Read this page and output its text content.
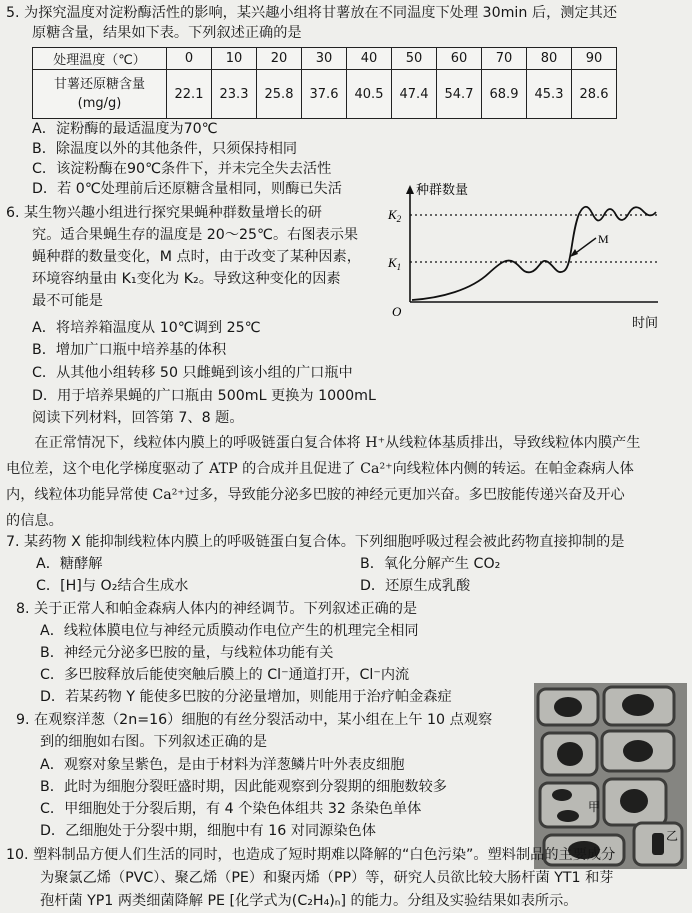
5. 为探究温度对淀粉酶活性的影响，某兴趣小组将甘薯放在不同温度下处理 30min 后，测定其还
原糖含量，结果如下表。下列叙述正确的是
处理温度（℃）	0	10	20	30	40	50	60	70	80	90
甘薯还原糖含量
(mg/g)	22.1	23.3	25.8	37.6	40.5	47.4	54.7	68.9	45.3	28.6
A．淀粉酶的最适温度为70℃
B．除温度以外的其他条件，只须保持相同
C．该淀粉酶在90℃条件下，并未完全失去活性
D．若 0℃处理前后还原糖含量相同，则酶已失活
6. 某生物兴趣小组进行探究果蝇种群数量增长的研
究。适合果蝇生存的温度是 20～25℃。右图表示果
蝇种群的数量变化，M 点时，由于改变了某种因素，
环境容纳量由 K₁变化为 K₂。导致这种变化的因素
最不可能是
A．将培养箱温度从 10℃调到 25℃
B．增加广口瓶中培养基的体积
C．从其他小组转移 50 只雌蝇到该小组的广口瓶中
D．用于培养果蝇的广口瓶由 500mL 更换为 1000mL
种群数量
时间
O
$K_2$
$K_1$
M
阅读下列材料，回答第 7、8 题。
　　在正常情况下，线粒体内膜上的呼吸链蛋白复合体将 H⁺从线粒体基质排出，导致线粒体内膜产生
电位差，这个电化学梯度驱动了 ATP 的合成并且促进了 Ca²⁺向线粒体内侧的转运。在帕金森病人体
内，线粒体功能异常使 Ca²⁺过多，导致能分泌多巴胺的神经元更加兴奋。多巴胺能传递兴奋及开心
的信息。
7. 某药物 X 能抑制线粒体内膜上的呼吸链蛋白复合体。下列细胞呼吸过程会被此药物直接抑制的是
A．糖酵解	B．氧化分解产生 CO₂
C．[H]与 O₂结合生成水	D．还原生成乳酸
8. 关于正常人和帕金森病人体内的神经调节。下列叙述正确的是
A．线粒体膜电位与神经元质膜动作电位产生的机理完全相同
B．神经元分泌多巴胺的量，与线粒体功能有关
C．多巴胺释放后能使突触后膜上的 Cl⁻通道打开，Cl⁻内流
D．若某药物 Y 能使多巴胺的分泌量增加，则能用于治疗帕金森症
9. 在观察洋葱（2n=16）细胞的有丝分裂活动中，某小组在上午 10 点观察
到的细胞如右图。下列叙述正确的是
A．观察对象呈紫色，是由于材料为洋葱鳞片叶外表皮细胞
B．此时为细胞分裂旺盛时期，因此能观察到分裂期的细胞数较多
C．甲细胞处于分裂后期，有 4 个染色体组共 32 条染色单体
D．乙细胞处于分裂中期，细胞中有 16 对同源染色体
甲
乙
10. 塑料制品方便人们生活的同时，也造成了短时期难以降解的“白色污染”。塑料制品的主要成分
为聚氯乙烯（PVC）、聚乙烯（PE）和聚丙烯（PP）等，研究人员欲比较大肠杆菌 YT1 和芽
孢杆菌 YP1 两类细菌降解 PE [化学式为(C₂H₄)ₙ] 的能力。分组及实验结果如表所示。
